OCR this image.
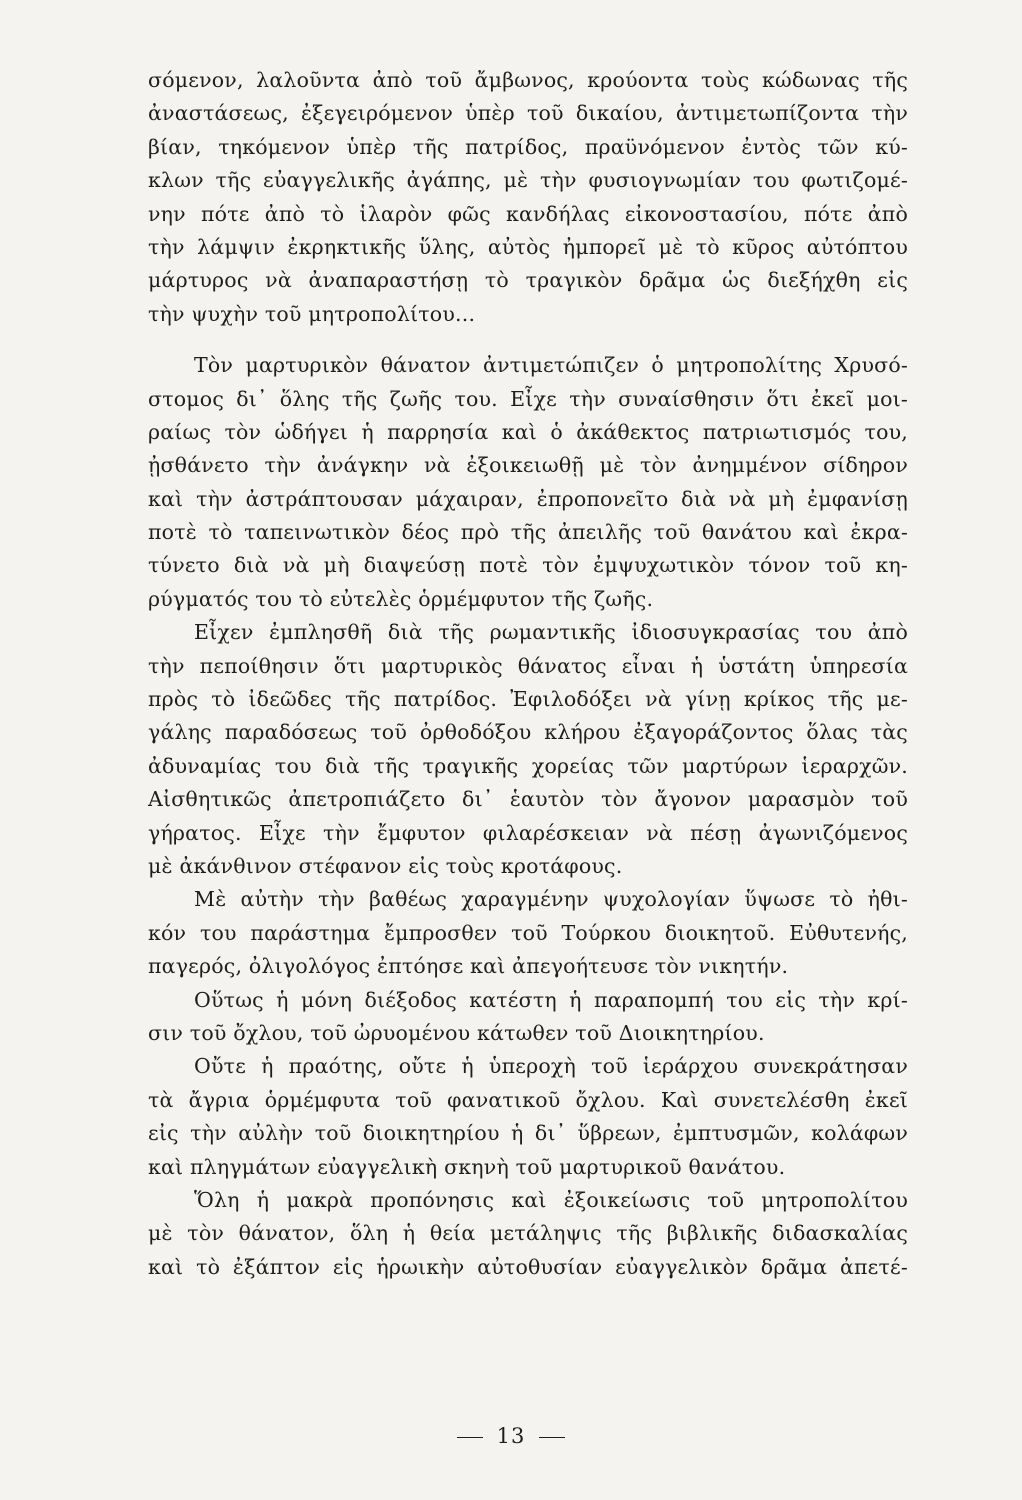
σόμενον, λαλοῦντα ἀπὸ τοῦ ἄμβωνος, κρούοντα τοὺς κώδωνας τῆς
ἀναστάσεως, ἐξεγειρόμενον ὑπὲρ τοῦ δικαίου, ἀντιμετωπίζοντα τὴν
βίαν, τηκόμενον ὑπὲρ τῆς πατρίδος, πραϋνόμενον ἐντὸς τῶν κύ-
κλων τῆς εὐαγγελικῆς ἀγάπης, μὲ τὴν φυσιογνωμίαν του φωτιζομέ-
νην πότε ἀπὸ τὸ ἱλαρὸν φῶς κανδήλας εἰκονοστασίου, πότε ἀπὸ
τὴν λάμψιν ἐκρηκτικῆς ὕλης, αὐτὸς ἠμπορεῖ μὲ τὸ κῦρος αὐτόπτου
μάρτυρος νὰ ἀναπαραστήσῃ τὸ τραγικὸν δρᾶμα ὡς διεξήχθη εἰς
τὴν ψυχὴν τοῦ μητροπολίτου...
Τὸν μαρτυρικὸν θάνατον ἀντιμετώπιζεν ὁ μητροπολίτης Χρυσό-
στομος δι᾿ ὅλης τῆς ζωῆς του. Εἶχε τὴν συναίσθησιν ὅτι ἐκεῖ μοι-
ραίως τὸν ὡδήγει ἡ παρρησία καὶ ὁ ἀκάθεκτος πατριωτισμός του,
ᾐσθάνετο τὴν ἀνάγκην νὰ ἐξοικειωθῇ μὲ τὸν ἀνημμένον σίδηρον
καὶ τὴν ἀστράπτουσαν μάχαιραν, ἐπροπονεῖτο διὰ νὰ μὴ ἐμφανίσῃ
ποτὲ τὸ ταπεινωτικὸν δέος πρὸ τῆς ἀπειλῆς τοῦ θανάτου καὶ ἐκρα-
τύνετο διὰ νὰ μὴ διαψεύσῃ ποτὲ τὸν ἐμψυχωτικὸν τόνον τοῦ κη-
ρύγματός του τὸ εὐτελὲς ὁρμέμφυτον τῆς ζωῆς.
Εἶχεν ἐμπλησθῆ διὰ τῆς ρωμαντικῆς ἰδιοσυγκρασίας του ἀπὸ
τὴν πεποίθησιν ὅτι μαρτυρικὸς θάνατος εἶναι ἡ ὑστάτη ὑπηρεσία
πρὸς τὸ ἰδεῶδες τῆς πατρίδος. Ἐφιλοδόξει νὰ γίνῃ κρίκος τῆς με-
γάλης παραδόσεως τοῦ ὀρθοδόξου κλήρου ἐξαγοράζοντος ὅλας τὰς
ἀδυναμίας του διὰ τῆς τραγικῆς χορείας τῶν μαρτύρων ἱεραρχῶν.
Αἰσθητικῶς ἀπετροπιάζετο δι᾿ ἑαυτὸν τὸν ἄγονον μαρασμὸν τοῦ
γήρατος. Εἶχε τὴν ἔμφυτον φιλαρέσκειαν νὰ πέσῃ ἀγωνιζόμενος
μὲ ἀκάνθινον στέφανον εἰς τοὺς κροτάφους.
Μὲ αὐτὴν τὴν βαθέως χαραγμένην ψυχολογίαν ὕψωσε τὸ ἠθι-
κόν του παράστημα ἔμπροσθεν τοῦ Τούρκου διοικητοῦ. Εὐθυτενής,
παγερός, ὀλιγολόγος ἐπτόησε καὶ ἀπεγοήτευσε τὸν νικητήν.
Οὕτως ἡ μόνη διέξοδος κατέστη ἡ παραπομπή του εἰς τὴν κρί-
σιν τοῦ ὄχλου, τοῦ ὠρυομένου κάτωθεν τοῦ Διοικητηρίου.
Οὔτε ἡ πραότης, οὔτε ἡ ὑπεροχὴ τοῦ ἱεράρχου συνεκράτησαν
τὰ ἄγρια ὁρμέμφυτα τοῦ φανατικοῦ ὄχλου. Καὶ συνετελέσθη ἐκεῖ
εἰς τὴν αὐλὴν τοῦ διοικητηρίου ἡ δι᾿ ὕβρεων, ἐμπτυσμῶν, κολάφων
καὶ πληγμάτων εὐαγγελικὴ σκηνὴ τοῦ μαρτυρικοῦ θανάτου.
Ὅλη ἡ μακρὰ προπόνησις καὶ ἐξοικείωσις τοῦ μητροπολίτου
μὲ τὸν θάνατον, ὅλη ἡ θεία μετάληψις τῆς βιβλικῆς διδασκαλίας
καὶ τὸ ἐξάπτον εἰς ἡρωικὴν αὐτοθυσίαν εὐαγγελικὸν δρᾶμα ἀπετέ-
13
